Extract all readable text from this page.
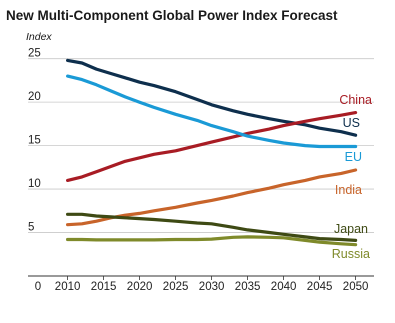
New Multi-Component Global Power Index Forecast
Index
5
10
15
20
25
0 2010 2015 2020 2025 2030 2035 2040 2045 2050
US
China
EU
India
Japan
Russia
